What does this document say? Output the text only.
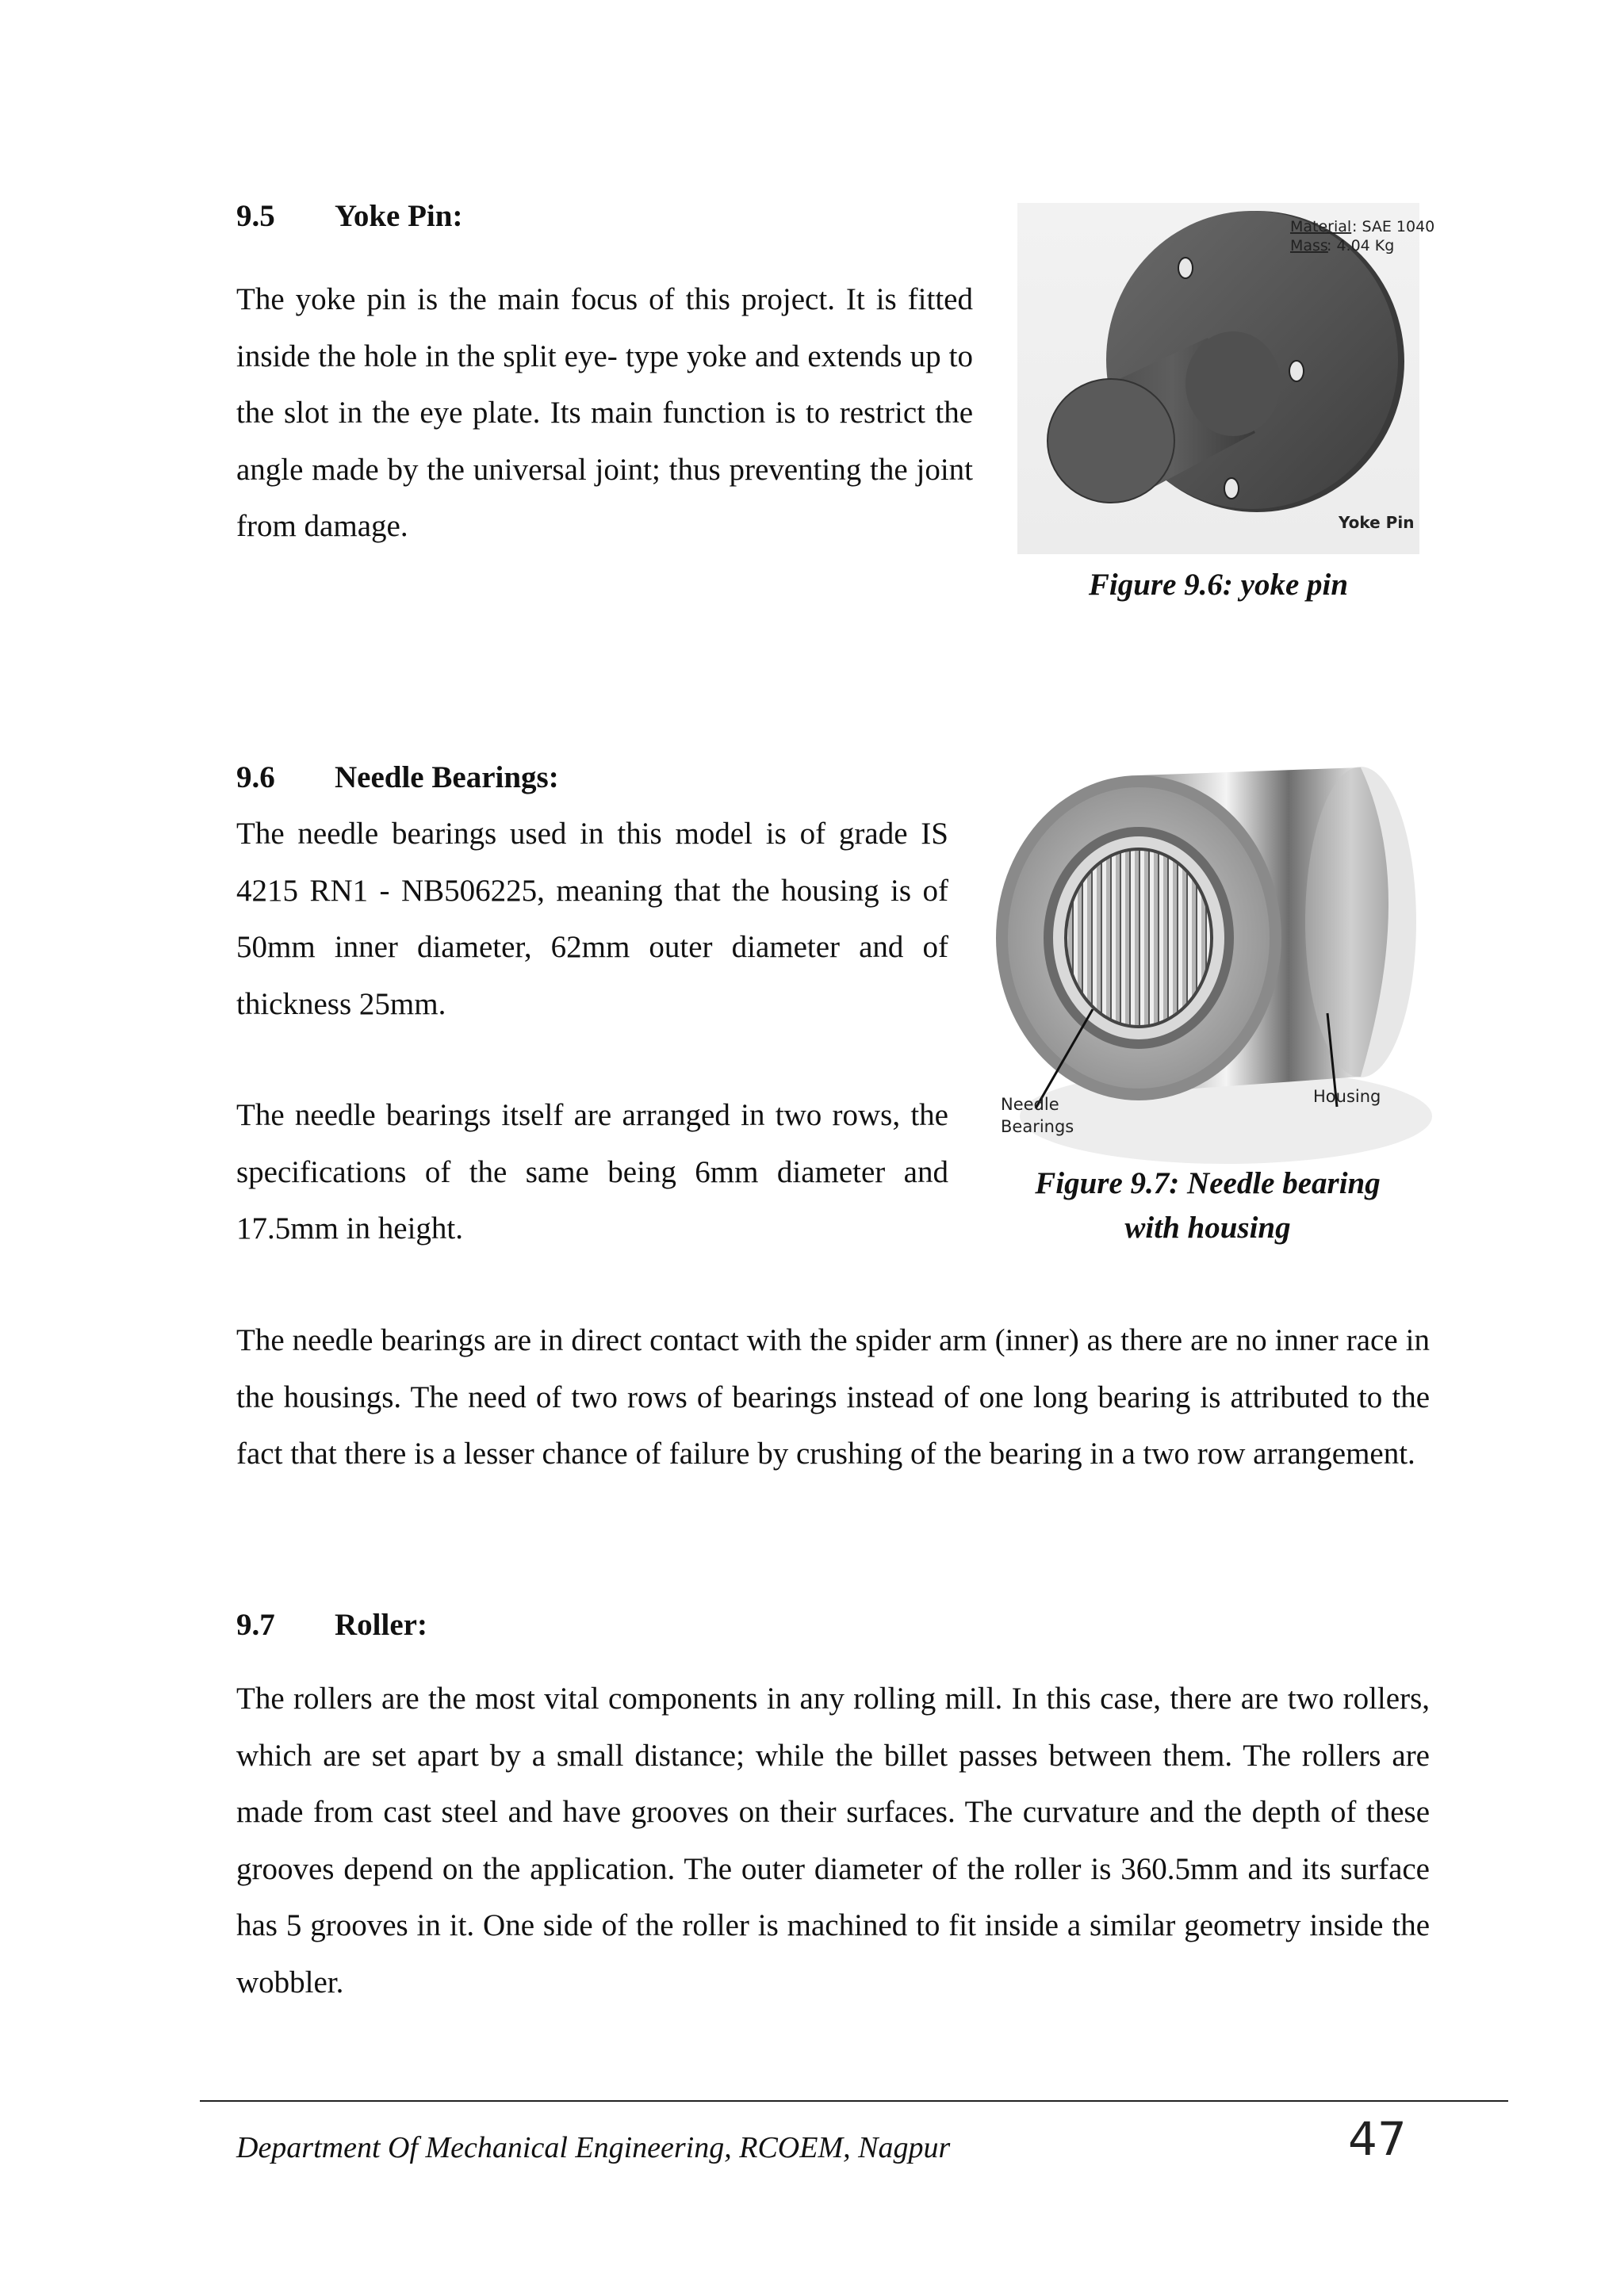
9.5 Yoke Pin:
The yoke pin is the main focus of this project. It is fitted inside the hole in the split eye- type yoke and extends up to the slot in the eye plate. Its main function is to restrict the angle made by the universal joint; thus preventing the joint from damage.
Material : SAE 1040
Mass
: 4.04 Kg
Yoke Pin
Figure 9.6: yoke pin
9.6 Needle Bearings:
The needle bearings used in this model is of grade IS 4215 RN1 - NB506225, meaning that the housing is of 50mm inner diameter, 62mm outer diameter and of thickness 25mm.
The needle bearings itself are arranged in two rows, the specifications of the same being 6mm diameter and 17.5mm in height.
The needle bearings are in direct contact with the spider arm (inner) as there are no inner race in the housings. The need of two rows of bearings instead of one long bearing is attributed to the fact that there is a lesser chance of failure by crushing of the bearing in a two row arrangement.
Needle
Bearings
Housing
Figure 9.7: Needle bearing
with housing
9.7 Roller:
The rollers are the most vital components in any rolling mill. In this case, there are two rollers, which are set apart by a small distance; while the billet passes between them. The rollers are made from cast steel and have grooves on their surfaces. The curvature and the depth of these grooves depend on the application. The outer diameter of the roller is 360.5mm and its surface has 5 grooves in it. One side of the roller is machined to fit inside a similar geometry inside the wobbler.
Department Of Mechanical Engineering, RCOEM, Nagpur	47
